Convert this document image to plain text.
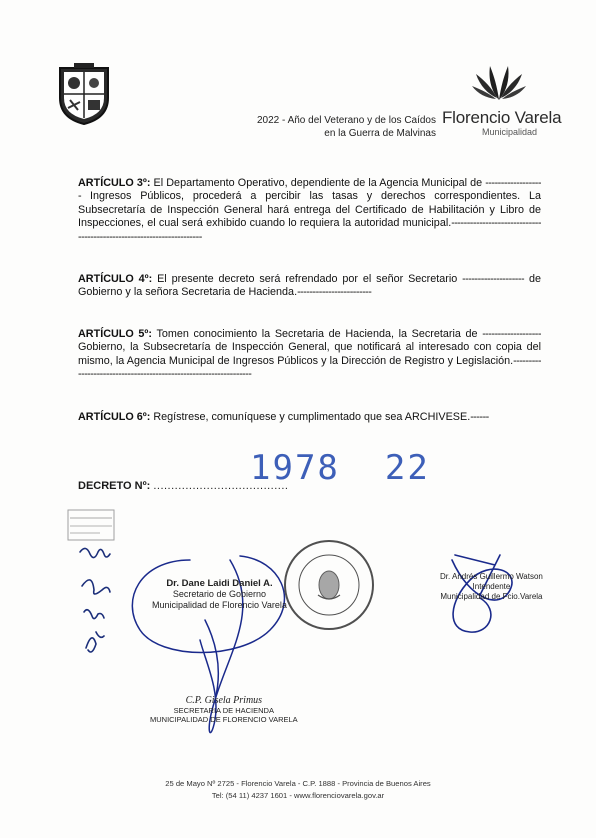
Florencio Varela
Municipalidad
2022 - Año del Veterano y de los Caídos
en la Guerra de Malvinas
ARTÍCULO 3º: El Departamento Operativo, dependiente de la Agencia Municipal de ------------------- Ingresos Públicos, procederá a percibir las tasas y derechos correspondientes. La Subsecretaría de Inspección General hará entrega del Certificado de Habilitación y Libro de Inspecciones, el cual será exhibido cuando lo requiera la autoridad municipal.---------------------------------------------------------------------
ARTÍCULO 4º: El presente decreto será refrendado por el señor Secretario -------------------- de Gobierno y la señora Secretaria de Hacienda.------------------------
ARTÍCULO 5º: Tomen conocimiento la Secretaria de Hacienda, la Secretaria de ------------------- Gobierno, la Subsecretaría de Inspección General, que notificará al interesado con copia del mismo, la Agencia Municipal de Ingresos Públicos y la Dirección de Registro y Legislación.-----------------------------------------------------------------
ARTÍCULO 6º: Regístrese, comuníquese y cumplimentado que sea ARCHIVESE.------
1978 22
DECRETO Nº: ......................................
Dr. Dane Laidi Daniel A.
Secretario de Gobierno
Municipalidad de Florencio Varela
Dr. Andrés Guillermo Watson
Intendente
Municipalidad de Fcio.Varela
C.P. Gisela Primus
SECRETARIA DE HACIENDA
MUNICIPALIDAD DE FLORENCIO VARELA
25 de Mayo Nº 2725 - Florencio Varela - C.P. 1888 - Provincia de Buenos Aires
Tel: (54 11) 4237 1601 - www.florenciovarela.gov.ar
